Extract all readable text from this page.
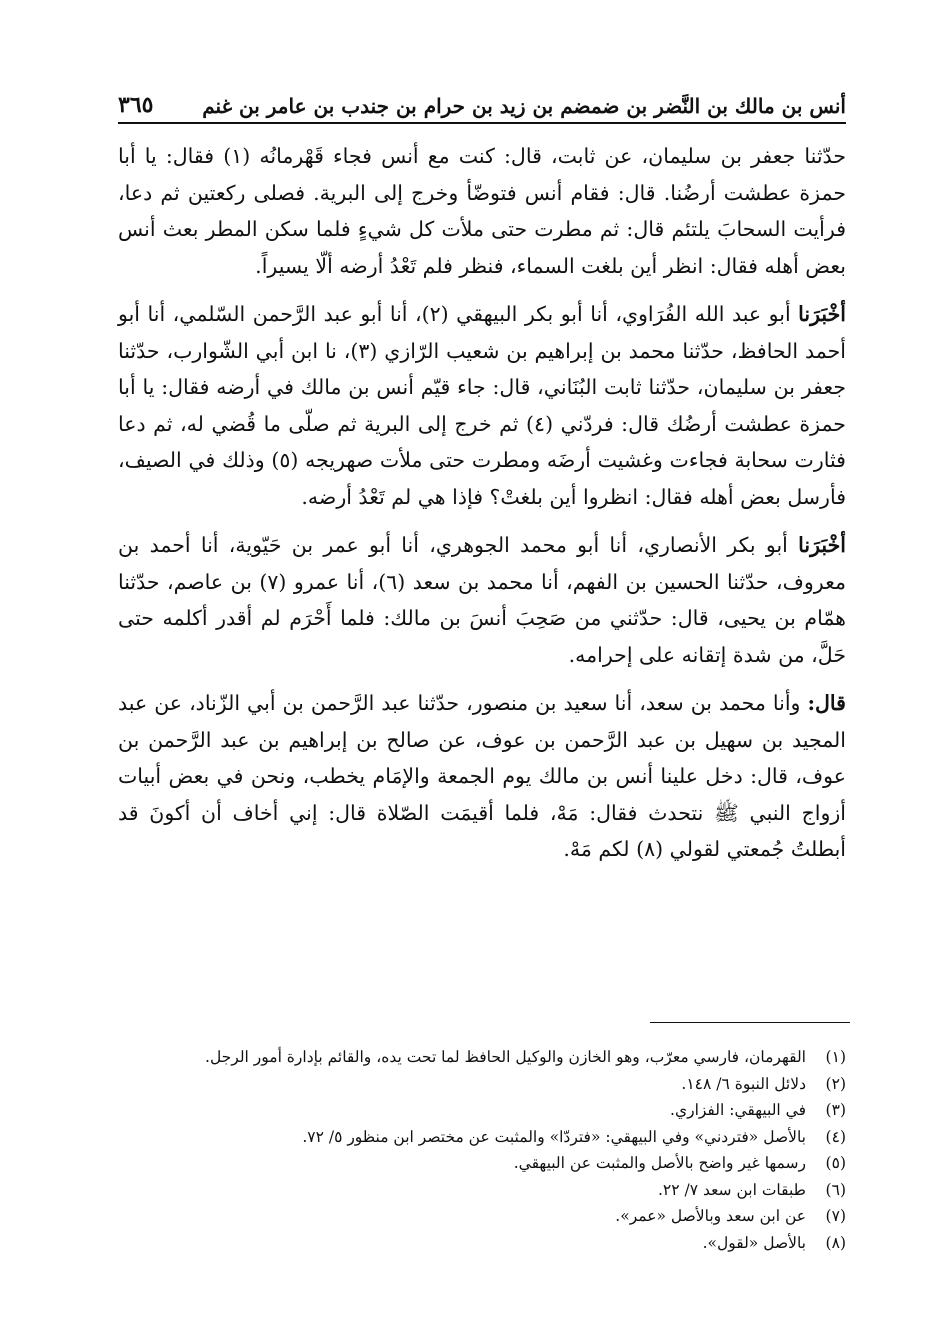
أنس بن مالك بن النَّضر بن ضمضم بن زيد بن حرام بن جندب بن عامر بن غنم
٣٦٥

حدّثنا جعفر بن سليمان، عن ثابت، قال: كنت مع أنس فجاء قَهْرمانُه (١) فقال: يا أبا حمزة عطشت أرضُنا. قال: فقام أنس فتوضّأ وخرج إلى البرية. فصلى ركعتين ثم دعا، فرأيت السحابَ يلتئم قال: ثم مطرت حتى ملأت كل شيءٍ فلما سكن المطر بعث أنس بعض أهله فقال: انظر أين بلغت السماء، فنظر فلم تَعْدُ أرضه ألّا يسيراً.

أخْبَرَنا أبو عبد الله الفُرَاوي، أنا أبو بكر البيهقي (٢)، أنا أبو عبد الرَّحمن السّلمي، أنا أبو أحمد الحافظ، حدّثنا محمد بن إبراهيم بن شعيب الرّازي (٣)، نا ابن أبي الشّوارب، حدّثنا جعفر بن سليمان، حدّثنا ثابت البُنَاني، قال: جاء قيّم أنس بن مالك في أرضه فقال: يا أبا حمزة عطشت أرضُك قال: فردّني (٤) ثم خرج إلى البرية ثم صلّى ما قُضي له، ثم دعا فثارت سحابة فجاءت وغشيت أرضَه ومطرت حتى ملأت صهريجه (٥) وذلك في الصيف، فأرسل بعض أهله فقال: انظروا أين بلغتْ؟ فإذا هي لم تَعْدُ أرضه.

أخْبَرَنا أبو بكر الأنصاري، أنا أبو محمد الجوهري، أنا أبو عمر بن حَيّوية، أنا أحمد بن معروف، حدّثنا الحسين بن الفهم، أنا محمد بن سعد (٦)، أنا عمرو (٧) بن عاصم، حدّثنا همّام بن يحيى، قال: حدّثني من صَحِبَ أنسَ بن مالك: فلما أَحْرَم لم أقدر أكلمه حتى حَلَّ، من شدة إتقانه على إحرامه.

قال: وأنا محمد بن سعد، أنا سعيد بن منصور، حدّثنا عبد الرَّحمن بن أبي الزّناد، عن عبد المجيد بن سهيل بن عبد الرَّحمن بن عوف، عن صالح بن إبراهيم بن عبد الرَّحمن بن عوف، قال: دخل علينا أنس بن مالك يوم الجمعة والإمَام يخطب، ونحن في بعض أبيات أزواج النبي ﷺ نتحدث فقال: مَهْ، فلما أقيمَت الصّلاة قال: إني أخاف أن أكونَ قد أبطلتُ جُمعتي لقولي (٨) لكم مَهْ.

(١)
القهرمان، فارسي معرّب، وهو الخازن والوكيل الحافظ لما تحت يده، والقائم بإدارة أمور الرجل.
(٢)
دلائل النبوة ٦/ ١٤٨.
(٣)
في البيهقي: الفزاري.
(٤)
بالأصل «فتردني» وفي البيهقي: «فتردّا» والمثبت عن مختصر ابن منظور ٥/ ٧٢.
(٥)
رسمها غير واضح بالأصل والمثبت عن البيهقي.
(٦)
طبقات ابن سعد ٧/ ٢٢.
(٧)
عن ابن سعد وبالأصل «عمر».
(٨)
بالأصل «لقول».
